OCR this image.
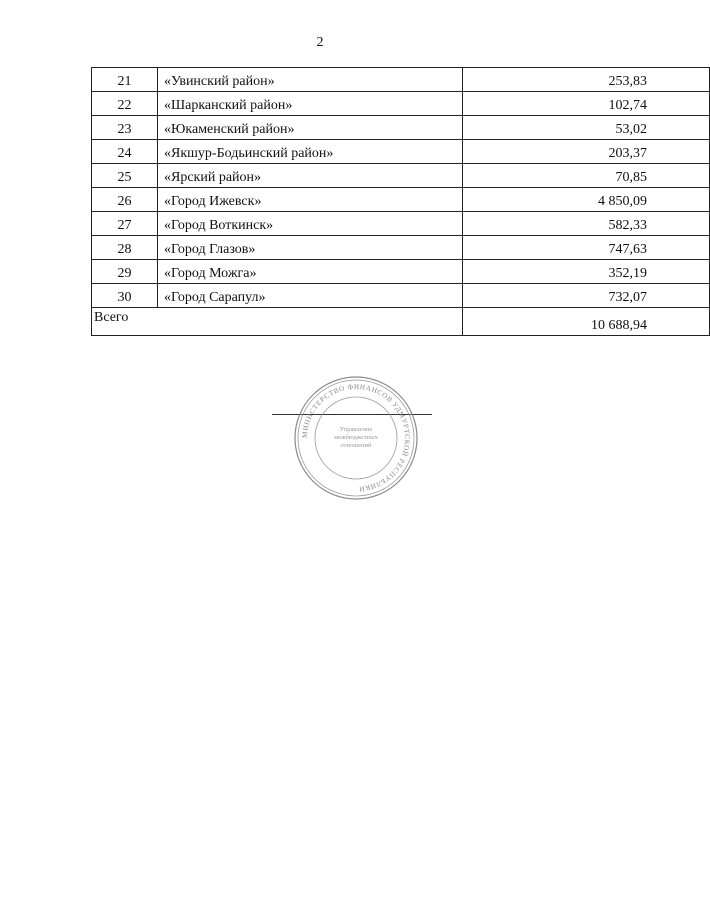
2
21	«Увинский район»	253,83
22	«Шарканский район»	102,74
23	«Юкаменский район»	53,02
24	«Якшур-Бодьинский район»	203,37
25	«Ярский район»	70,85
26	«Город Ижевск»	4 850,09
27	«Город Воткинск»	582,33
28	«Город Глазов»	747,63
29	«Город Можга»	352,19
30	«Город Сарапул»	732,07
Всего		10 688,94
МИНИСТЕРСТВО ФИНАНСОВ УДМУРТСКОЙ РЕСПУБЛИКИ
Управление
межбюджетных
отношений
